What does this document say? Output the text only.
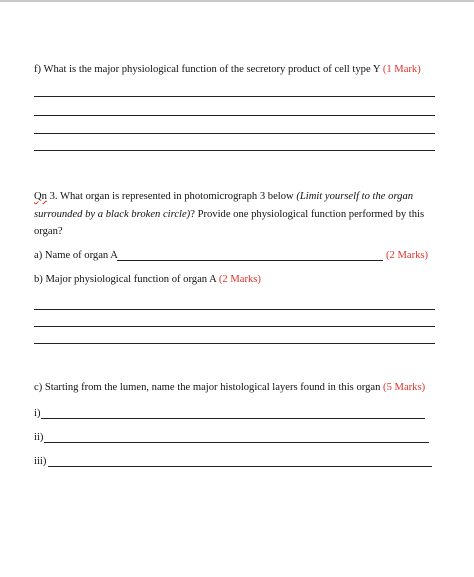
f) What is the major physiological function of the secretory product of cell type Y (1 Mark)
Qn 3. What organ is represented in photomicrograph 3 below (Limit yourself to the organ
surrounded by a black broken circle)? Provide one physiological function performed by this
organ?
a) Name of organ A	(2 Marks)
b) Major physiological function of organ A (2 Marks)
c) Starting from the lumen, name the major histological layers found in this organ (5 Marks)
i)
ii)
iii)
